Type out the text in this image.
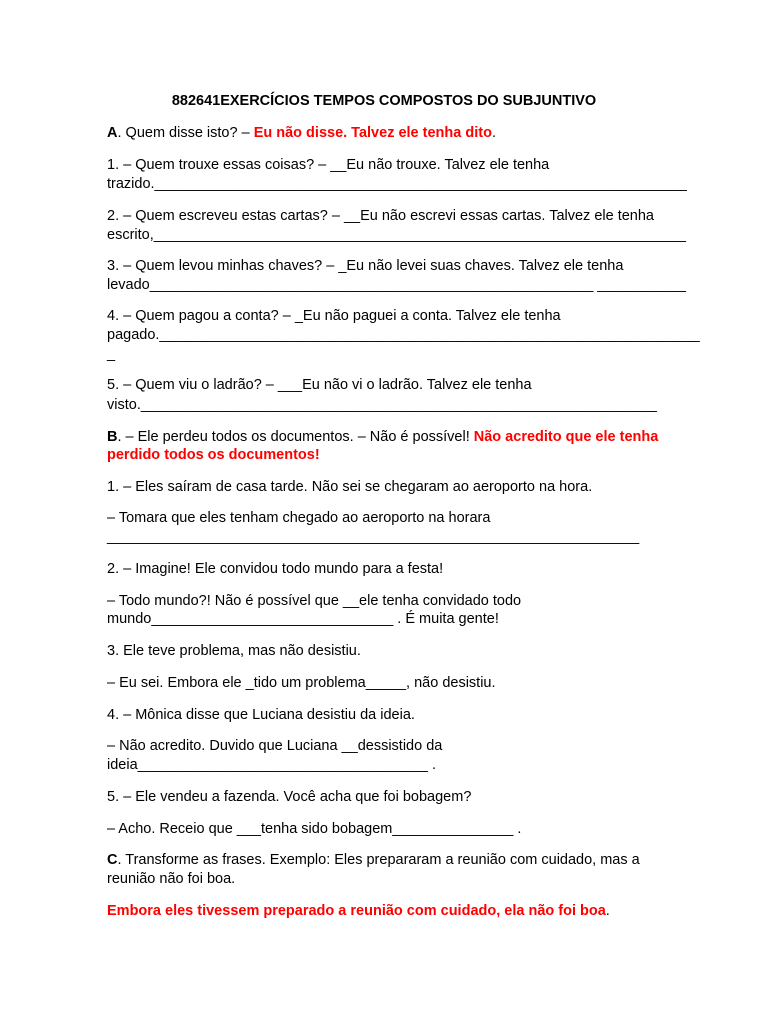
882641EXERCÍCIOS TEMPOS COMPOSTOS DO SUBJUNTIVO
A. Quem disse isto? – Eu não disse. Talvez ele tenha dito.
1. – Quem trouxe essas coisas? – __Eu não trouxe. Talvez ele tenha
trazido.__________________________________________________________________
2. – Quem escreveu estas cartas? – __Eu não escrevi essas cartas. Talvez ele tenha
escrito,__________________________________________________________________
3. – Quem levou minhas chaves? – _Eu não levei suas chaves. Talvez ele tenha
levado_______________________________________________________ ___________
4. – Quem pagou a conta? – _Eu não paguei a conta. Talvez ele tenha
pagado.___________________________________________________________________
_
5. – Quem viu o ladrão? – ___Eu não vi o ladrão. Talvez ele tenha
visto.________________________________________________________________
B. – Ele perdeu todos os documentos. – Não é possível! Não acredito que ele tenha
perdido todos os documentos!
1. – Eles saíram de casa tarde. Não sei se chegaram ao aeroporto na hora.
– Tomara que eles tenham chegado ao aeroporto na horara
__________________________________________________________________
2. – Imagine! Ele convidou todo mundo para a festa!
– Todo mundo?! Não é possível que __ele tenha convidado todo
mundo______________________________ . É muita gente!
3. Ele teve problema, mas não desistiu.
– Eu sei. Embora ele _tido um problema_____, não desistiu.
4. – Mônica disse que Luciana desistiu da ideia.
– Não acredito. Duvido que Luciana __dessistido da
ideia____________________________________ .
5. – Ele vendeu a fazenda. Você acha que foi bobagem?
– Acho. Receio que ___tenha sido bobagem_______________ .
C. Transforme as frases. Exemplo: Eles prepararam a reunião com cuidado, mas a
reunião não foi boa.
Embora eles tivessem preparado a reunião com cuidado, ela não foi boa.
